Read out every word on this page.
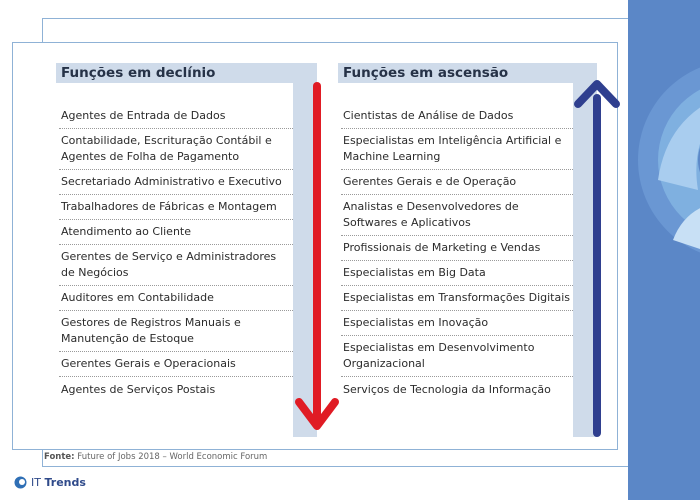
Funções em declínio
Agentes de Entrada de Dados
Contabilidade, Escrituração Contábil e Agentes de Folha de Pagamento
Secretariado Administrativo e Executivo
Trabalhadores de Fábricas e Montagem
Atendimento ao Cliente
Gerentes de Serviço e Administradores de Negócios
Auditores em Contabilidade
Gestores de Registros Manuais e Manutenção de Estoque
Gerentes Gerais e Operacionais
Agentes de Serviços Postais
Funções em ascensão
Cientistas de Análise de Dados
Especialistas em Inteligência Artificial e Machine Learning
Gerentes Gerais e de Operação
Analistas e Desenvolvedores de Softwares e Aplicativos
Profissionais de Marketing e Vendas
Especialistas em Big Data
Especialistas em Transformações Digitais
Especialistas em Inovação
Especialistas em Desenvolvimento Organizacional
Serviços de Tecnologia da Informação
Fonte: Future of Jobs 2018 – World Economic Forum
IT Trends
